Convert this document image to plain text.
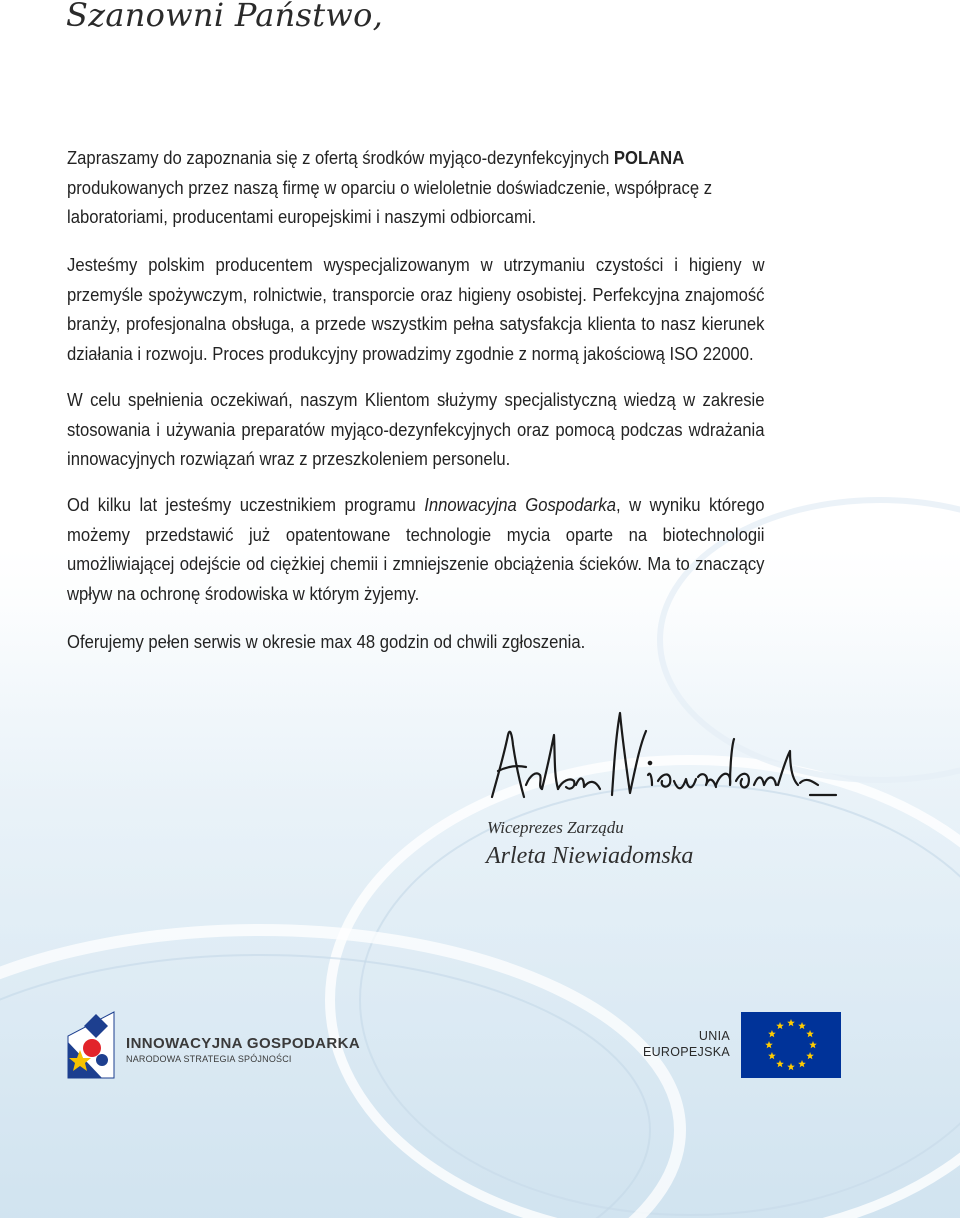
Szanowni Państwo,

Zapraszamy do zapoznania się z ofertą środków myjąco-dezynfekcyjnych POLANA produkowanych przez naszą firmę w oparciu o wieloletnie doświadczenie, współpracę z laboratoriami, producentami europejskimi i naszymi odbiorcami.

Jesteśmy polskim producentem wyspecjalizowanym w utrzymaniu czystości i higieny w przemyśle spożywczym, rolnictwie, transporcie oraz higieny osobistej. Perfekcyjna znajomość branży, profesjonalna obsługa, a przede wszystkim pełna satysfakcja klienta to nasz kierunek działania i rozwoju. Proces produkcyjny prowadzimy zgodnie z normą jakościową ISO 22000.

W celu spełnienia oczekiwań, naszym Klientom służymy specjalistyczną wiedzą w zakresie stosowania i używania preparatów myjąco-dezynfekcyjnych oraz pomocą podczas wdrażania innowacyjnych rozwiązań wraz z przeszkoleniem personelu.

Od kilku lat jesteśmy uczestnikiem programu Innowacyjna Gospodarka, w wyniku którego możemy przedstawić już opatentowane technologie mycia oparte na biotechnologii umożliwiającej odejście od ciężkiej chemii i zmniejszenie obciążenia ścieków. Ma to znaczący wpływ na ochronę środowiska w którym żyjemy.

Oferujemy pełen serwis w okresie max 48 godzin od chwili zgłoszenia.

Wiceprezes Zarządu

Arleta Niewiadomska

INNOWACYJNA GOSPODARKA
NARODOWA STRATEGIA SPÓJNOŚCI
UNIA
EUROPEJSKA
